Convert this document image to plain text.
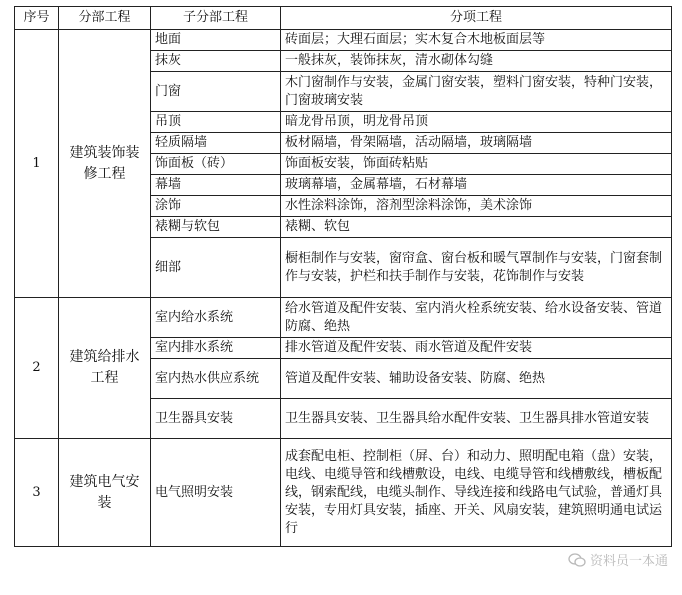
序号	分部工程	子分部工程	分项工程
1	建筑装饰装修工程	地面	砖面层；大理石面层；实木复合木地板面层等
		抹灰	一般抹灰，装饰抹灰，清水砌体勾缝
		门窗	木门窗制作与安装，金属门窗安装，塑料门窗安装，特种门安装，门窗玻璃安装
		吊顶	暗龙骨吊顶，明龙骨吊顶
		轻质隔墙	板材隔墙，骨架隔墙，活动隔墙，玻璃隔墙
		饰面板（砖）	饰面板安装，饰面砖粘贴
		幕墙	玻璃幕墙，金属幕墙，石材幕墙
		涂饰	水性涂料涂饰，溶剂型涂料涂饰，美术涂饰
		裱糊与软包	裱糊、软包
		细部	橱柜制作与安装，窗帘盒、窗台板和暖气罩制作与安装，门窗套制作与安装，护栏和扶手制作与安装，花饰制作与安装
2	建筑给排水工程	室内给水系统	给水管道及配件安装、室内消火栓系统安装、给水设备安装、管道防腐、绝热
		室内排水系统	排水管道及配件安装、雨水管道及配件安装
		室内热水供应系统	管道及配件安装、辅助设备安装、防腐、绝热
		卫生器具安装	卫生器具安装、卫生器具给水配件安装、卫生器具排水管道安装
3	建筑电气安装	电气照明安装	成套配电柜、控制柜（屏、台）和动力、照明配电箱（盘）安装，电线、电缆导管和线槽敷设，电线、电缆导管和线槽敷线，槽板配线，钢索配线，电缆头制作、导线连接和线路电气试验，普通灯具安装，专用灯具安装，插座、开关、风扇安装，建筑照明通电试运行
资料员一本通
